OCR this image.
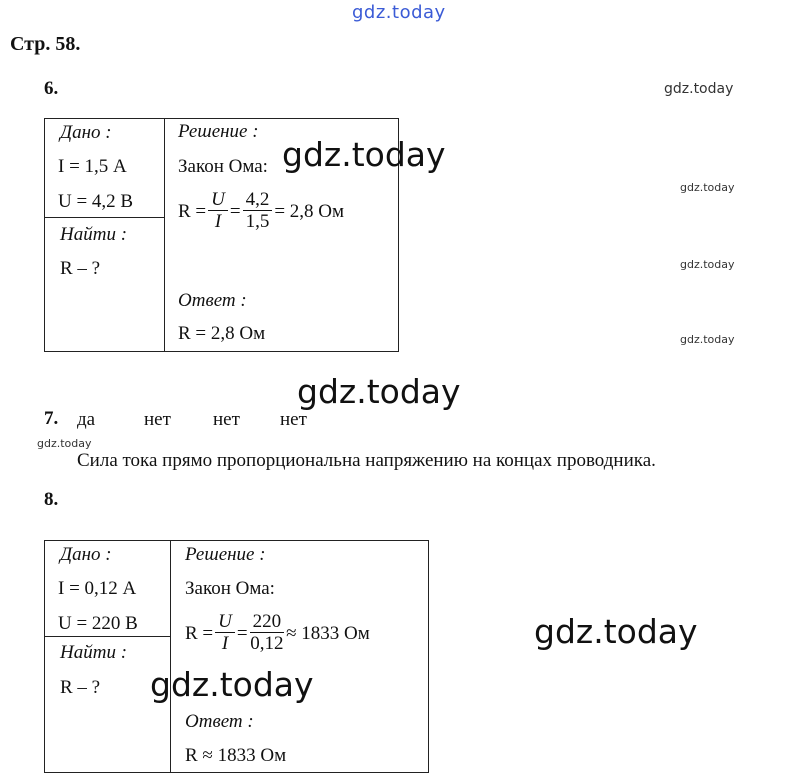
gdz.today
Стр. 58.
6.	gdz.today
Дано :
I = 1,5 А
U = 4,2 В
Найти :
R – ?
Решение :
Закон Ома:
$R = \frac{U}{I} = \frac{4,2}{1,5} = 2,8$ Ом
Ответ :
R = 2,8 Ом
gdz.today
gdz.today
gdz.today
gdz.today
gdz.today
7. да	нет нет нет
gdz.today
Сила тока прямо пропорциональна напряжению на концах проводника.
8.
Дано :
I = 0,12 А
U = 220 В
Найти :
R – ?
Решение :
Закон Ома:
$R = \frac{U}{I} = \frac{220}{0,12} \approx 1833$ Ом
Ответ :
R ≈ 1833 Ом
gdz.today
gdz.today
